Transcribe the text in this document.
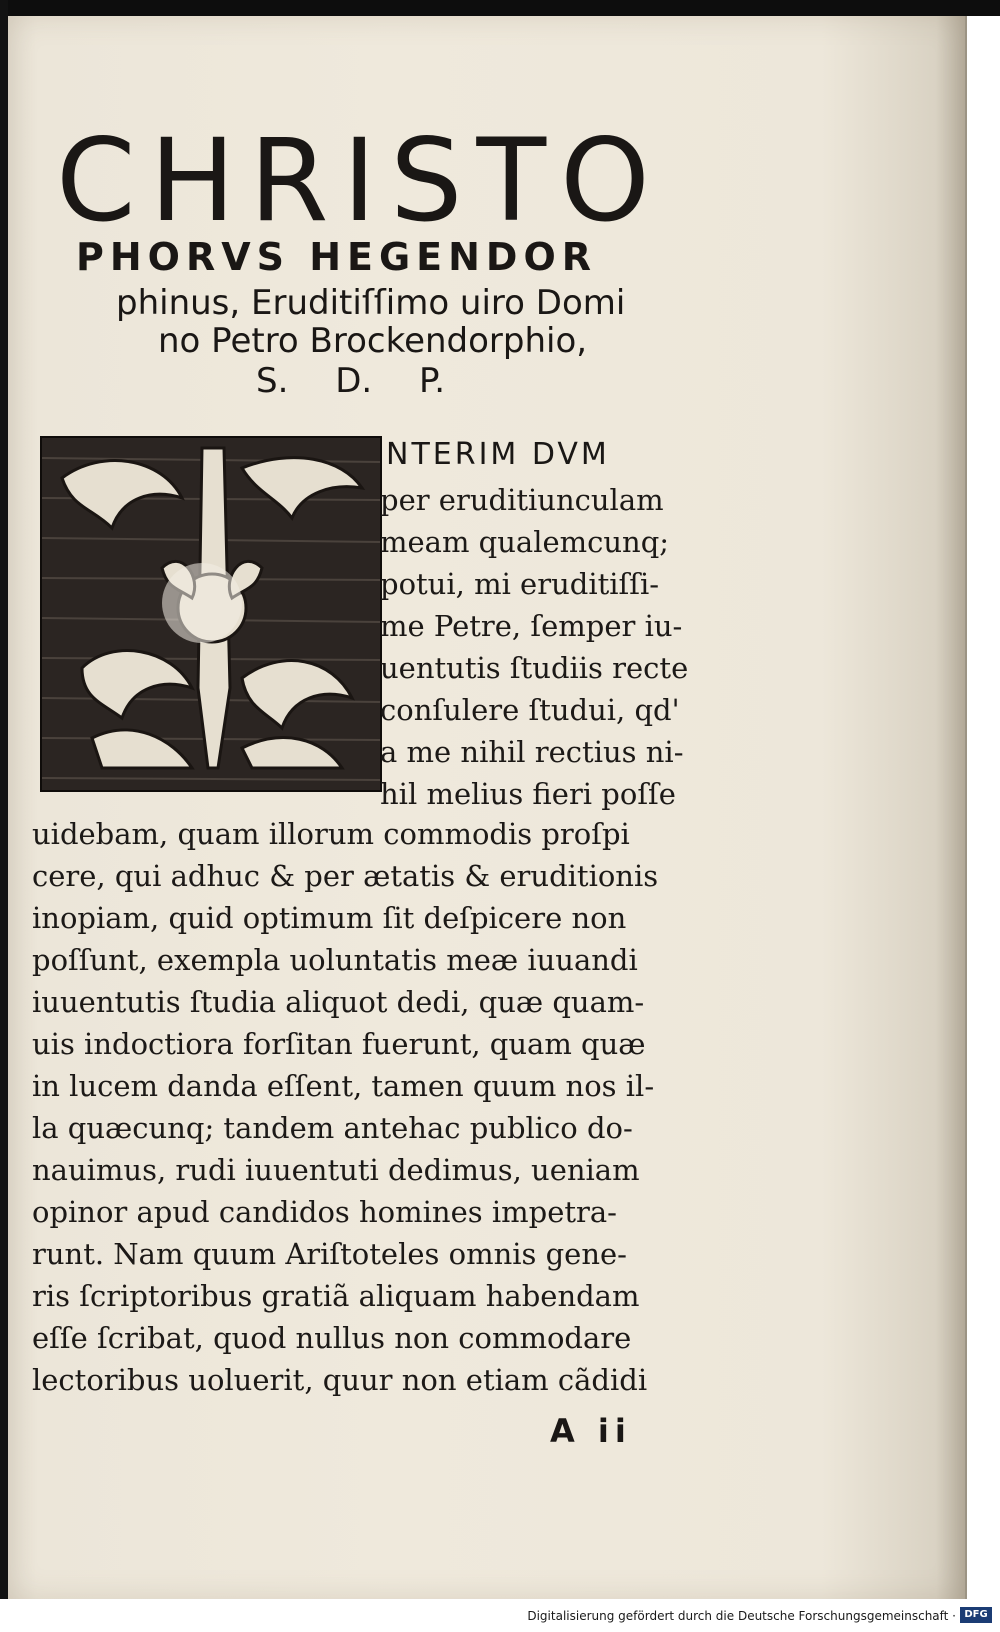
CHRISTO
PHORVS HEGENDOR
phinus, Eruditiſſimo uiro Domi
no Petro Brockendorphio,
S. D. P.
NTERIM DVM
per eruditiunculam
meam qualemcunq;
potui, mi eruditiſſi-
me Petre, ſemper iu-
uentutis ſtudiis recte
conſulere ſtudui, qd'
a me nihil rectius ni-
hil melius fieri poſſe
uidebam, quam illorum commodis proſpi
cere, qui adhuc & per ætatis & eruditionis
inopiam, quid optimum ſit deſpicere non
poſſunt, exempla uoluntatis meæ iuuandi
iuuentutis ſtudia aliquot dedi, quæ quam-
uis indoctiora forſitan fuerunt, quam quæ
in lucem danda eſſent, tamen quum nos il-
la quæcunq; tandem antehac publico do-
nauimus, rudi iuuentuti dedimus, ueniam
opinor apud candidos homines impetra-
runt. Nam quum Ariſtoteles omnis gene-
ris ſcriptoribus gratiã aliquam habendam
eſſe ſcribat, quod nullus non commodare
lectoribus uoluerit, quur non etiam cãdidi
A ii
Digitalisierung gefördert durch die Deutsche Forschungsgemeinschaft · DFG
